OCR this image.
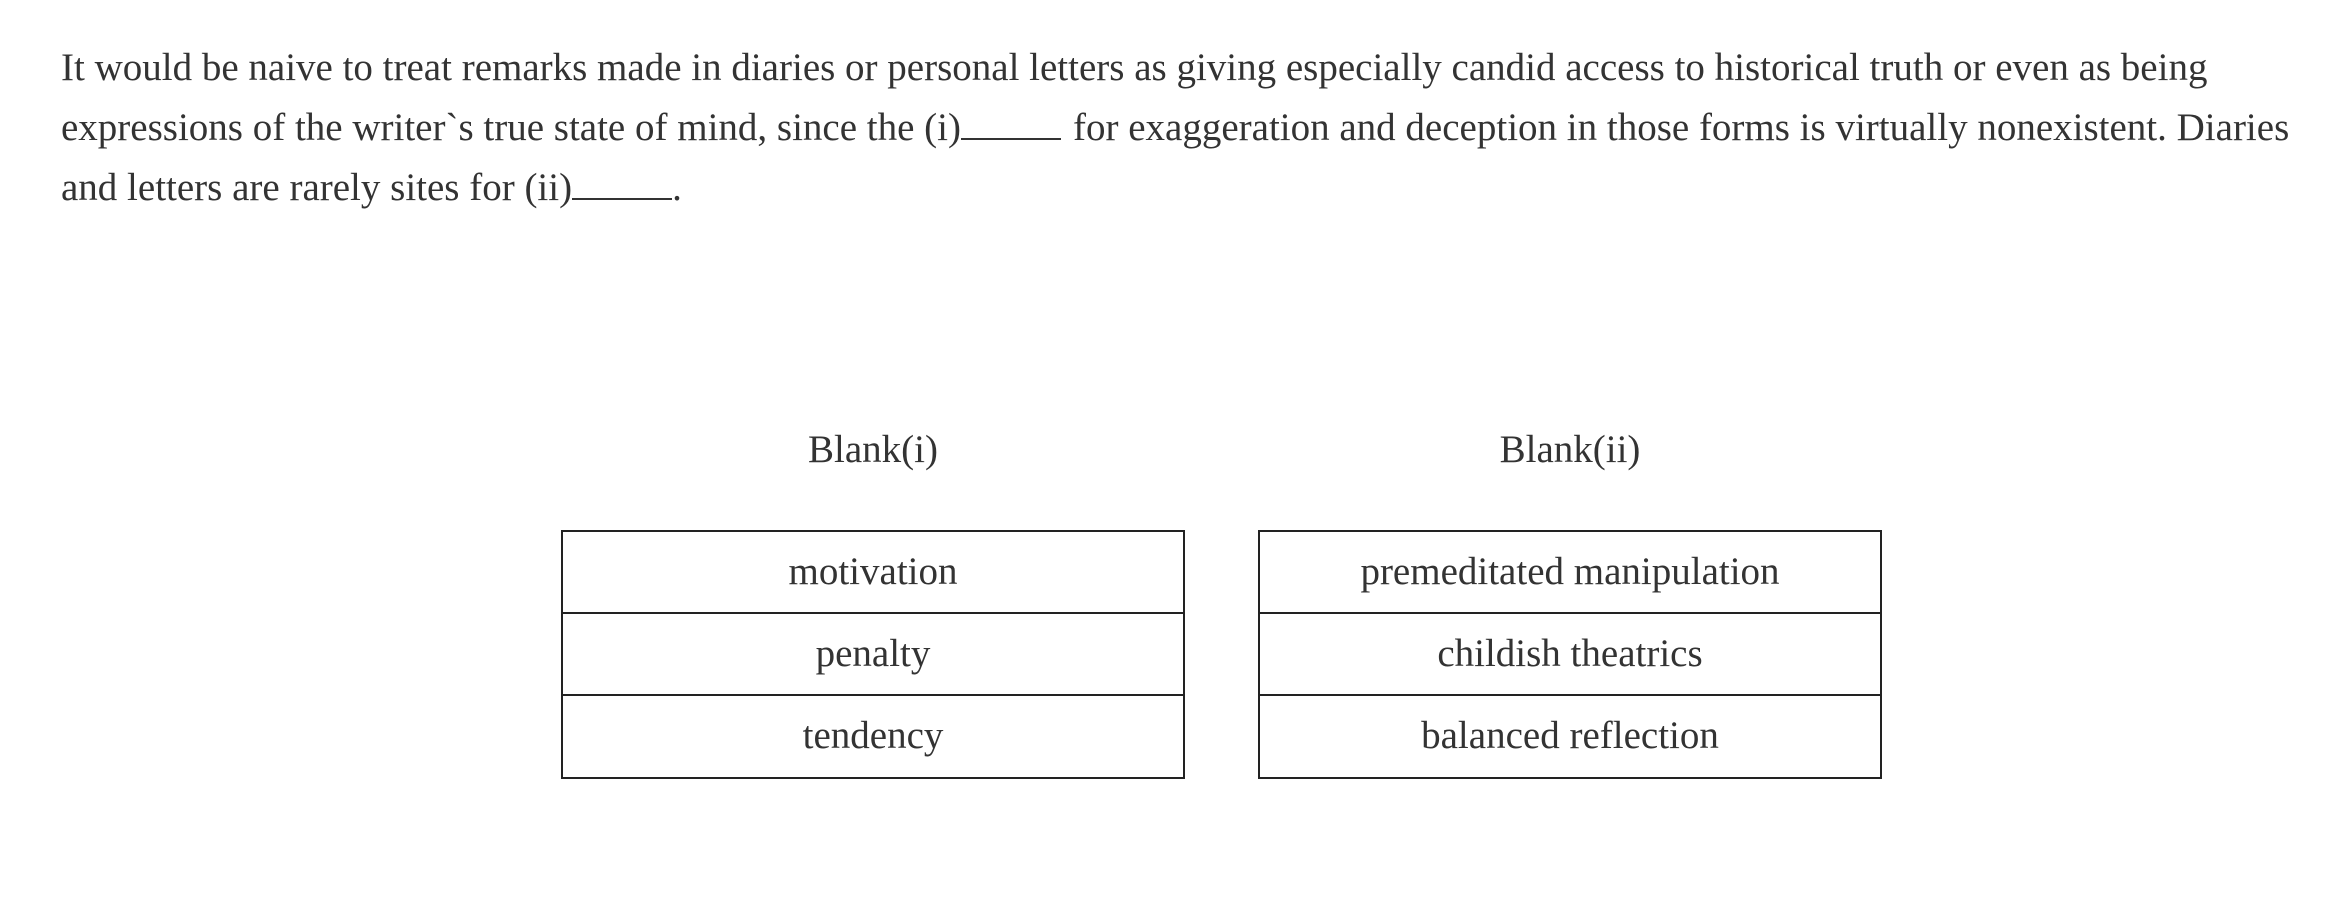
It would be naive to treat remarks made in diaries or personal letters as giving especially candid access to historical truth or even as being expressions of the writer`s true state of mind, since the (i)	for exaggeration and deception in those forms is virtually nonexistent. Diaries and letters are rarely sites for (ii)	.

Blank(i)
motivation
penalty
tendency
Blank(ii)
premeditated manipulation
childish theatrics
balanced reflection
